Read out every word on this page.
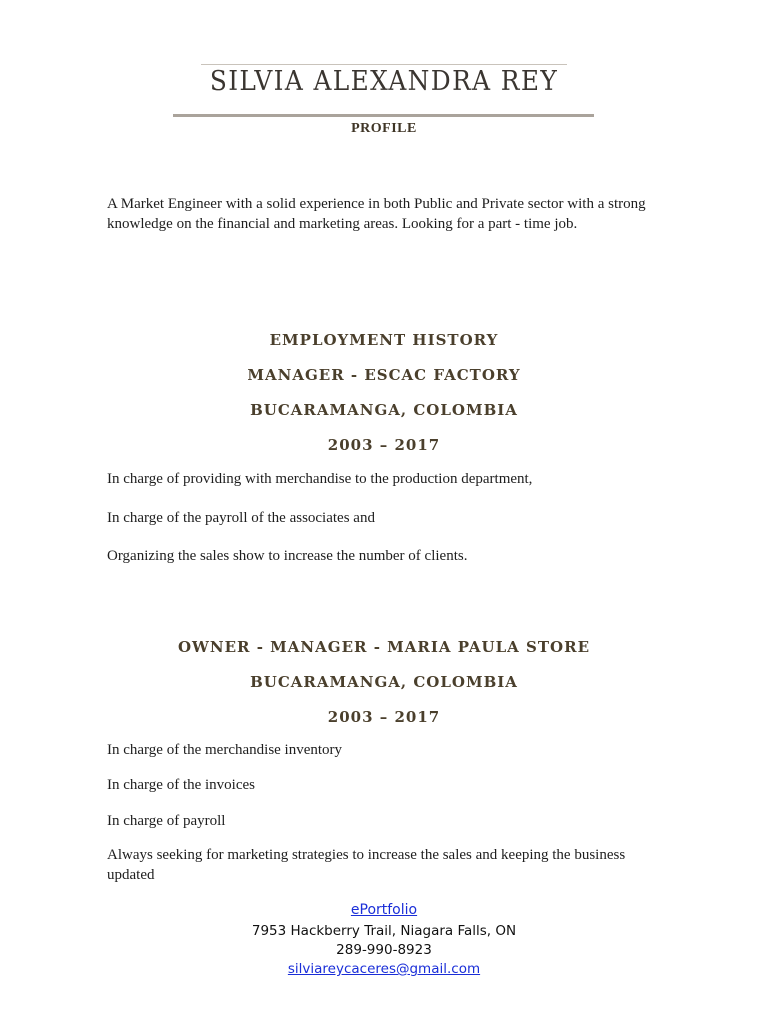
SILVIA ALEXANDRA REY
PROFILE

A Market Engineer with a solid experience in both Public and Private sector with a strong knowledge on the financial and marketing areas. Looking for a part - time job.

EMPLOYMENT HISTORY
MANAGER - ESCAC FACTORY
BUCARAMANGA, COLOMBIA
2003 – 2017

In charge of providing with merchandise to the production department,

In charge of the payroll of the associates and

Organizing the sales show to increase the number of clients.

OWNER - MANAGER - MARIA PAULA STORE
BUCARAMANGA, COLOMBIA
2003 – 2017

In charge of the merchandise inventory

In charge of the invoices

In charge of payroll

Always seeking for marketing strategies to increase the sales and keeping the business updated

ePortfolio

7953 Hackberry Trail, Niagara Falls, ON

289-990-8923

silviareycaceres@gmail.com
